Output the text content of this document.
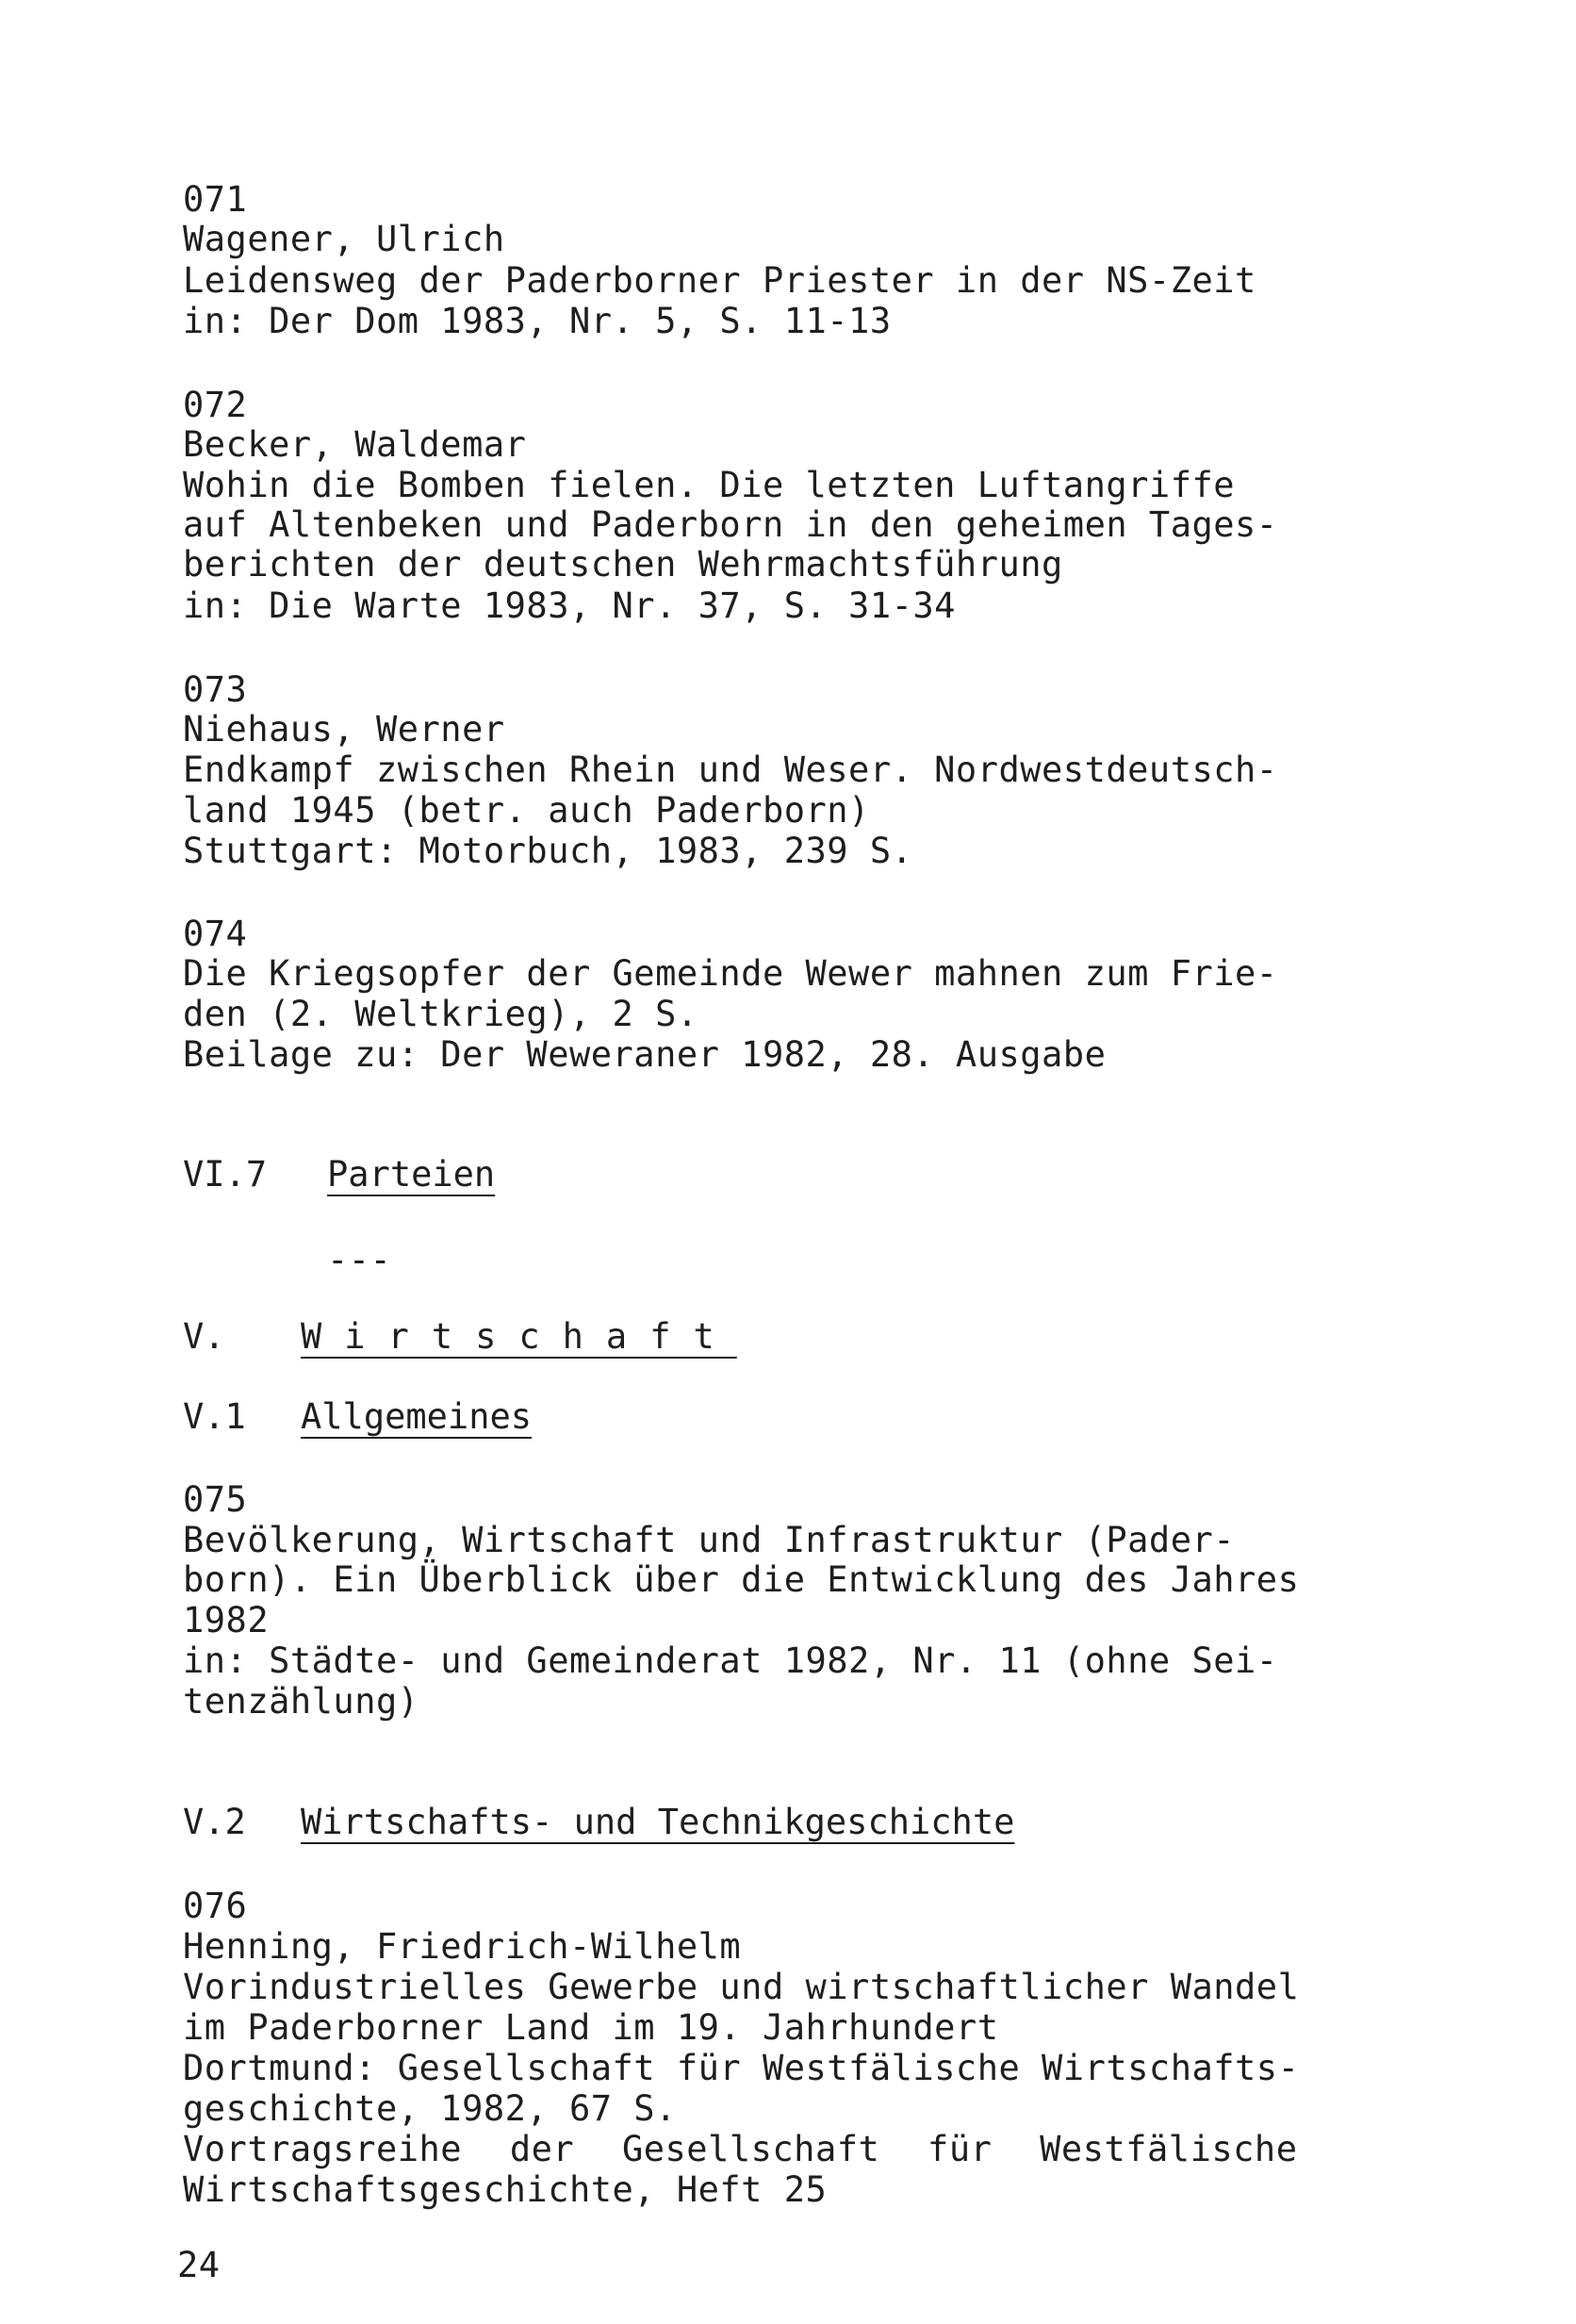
071
Wagener, Ulrich
Leidensweg der Paderborner Priester in der NS-Zeit
in: Der Dom 1983, Nr. 5, S. 11-13
072
Becker, Waldemar
Wohin die Bomben fielen. Die letzten Luftangriffe
auf Altenbeken und Paderborn in den geheimen Tages-
berichten der deutschen Wehrmachtsführung
in: Die Warte 1983, Nr. 37, S. 31-34
073
Niehaus, Werner
Endkampf zwischen Rhein und Weser. Nordwestdeutsch-
land 1945 (betr. auch Paderborn)
Stuttgart: Motorbuch, 1983, 239 S.
074
Die Kriegsopfer der Gemeinde Wewer mahnen zum Frie-
den (2. Weltkrieg), 2 S.
Beilage zu: Der Weweraner 1982, 28. Ausgabe
VI.7 Parteien
---
V. Wirtschaft
V.1 Allgemeines
075
Bevölkerung, Wirtschaft und Infrastruktur (Pader-
born). Ein Überblick über die Entwicklung des Jahres
1982
in: Städte- und Gemeinderat 1982, Nr. 11 (ohne Sei-
tenzählung)
V.2 Wirtschafts- und Technikgeschichte
076
Henning, Friedrich-Wilhelm
Vorindustrielles Gewerbe und wirtschaftlicher Wandel
im Paderborner Land im 19. Jahrhundert
Dortmund: Gesellschaft für Westfälische Wirtschafts-
geschichte, 1982, 67 S.
Vortragsreihe der Gesellschaft für Westfälische
Wirtschaftsgeschichte, Heft 25
24
